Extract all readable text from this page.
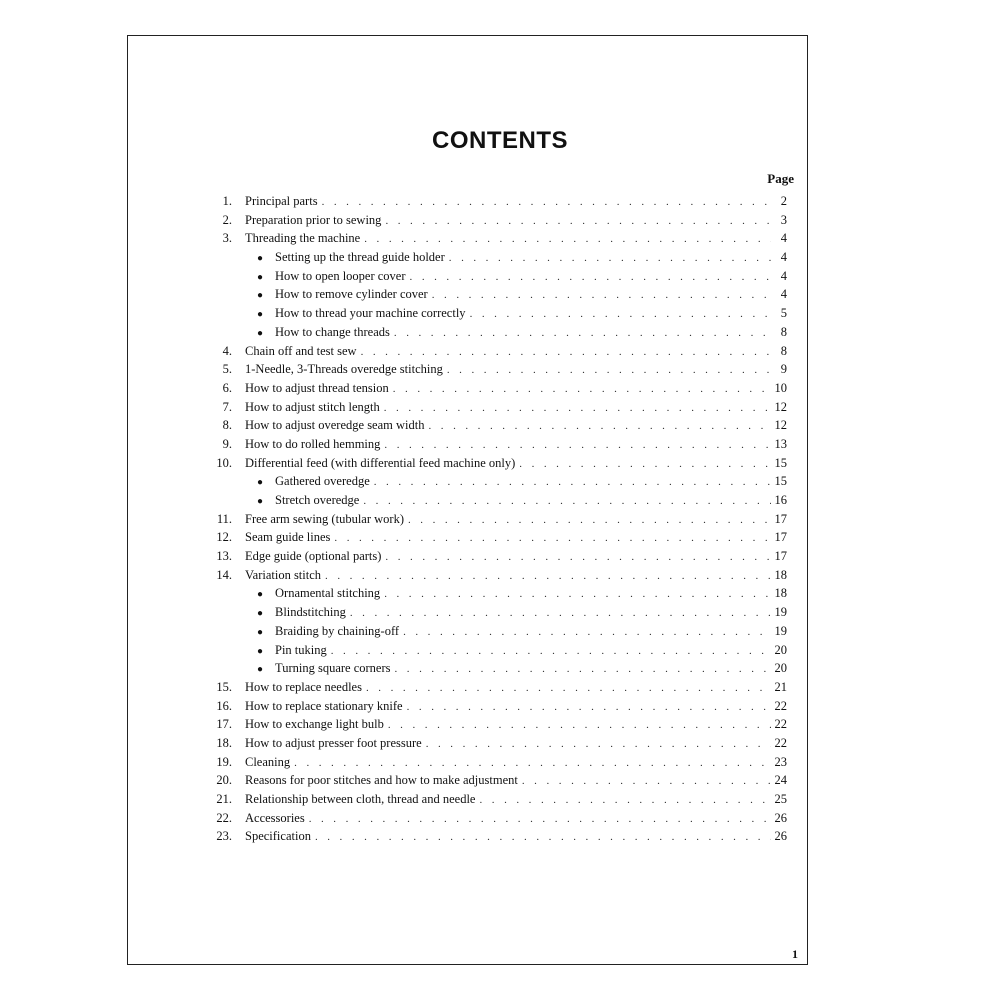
CONTENTS
Page
1.	Principal parts . . .	2
2.	Preparation prior to sewing . . .	3
3.	Threading the machine . . .	4
● Setting up the thread guide holder . . .	4
● How to open looper cover . . .	4
● How to remove cylinder cover . . .	4
● How to thread your machine correctly . . .	5
● How to change threads . . .	8
4.	Chain off and test sew . . .	8
5.	1-Needle, 3-Threads overedge stitching . . .	9
6.	How to adjust thread tension . . .	10
7.	How to adjust stitch length . . .	12
8.	How to adjust overedge seam width . . .	12
9.	How to do rolled hemming . . .	13
10.	Differential feed (with differential feed machine only) . . .	15
● Gathered overedge . . .	15
● Stretch overedge . . .	16
11.	Free arm sewing (tubular work) . . .	17
12.	Seam guide lines . . .	17
13.	Edge guide (optional parts) . . .	17
14.	Variation stitch . . .	18
● Ornamental stitching . . .	18
● Blindstitching . . .	19
● Braiding by chaining-off . . .	19
● Pin tuking . . .	20
● Turning square corners . . .	20
15.	How to replace needles . . .	21
16.	How to replace stationary knife . . .	22
17.	How to exchange light bulb . . .	22
18.	How to adjust presser foot pressure . . .	22
19.	Cleaning . . .	23
20.	Reasons for poor stitches and how to make adjustment . . .	24
21.	Relationship between cloth, thread and needle . . .	25
22.	Accessories . . .	26
23.	Specification . . .	26
1
